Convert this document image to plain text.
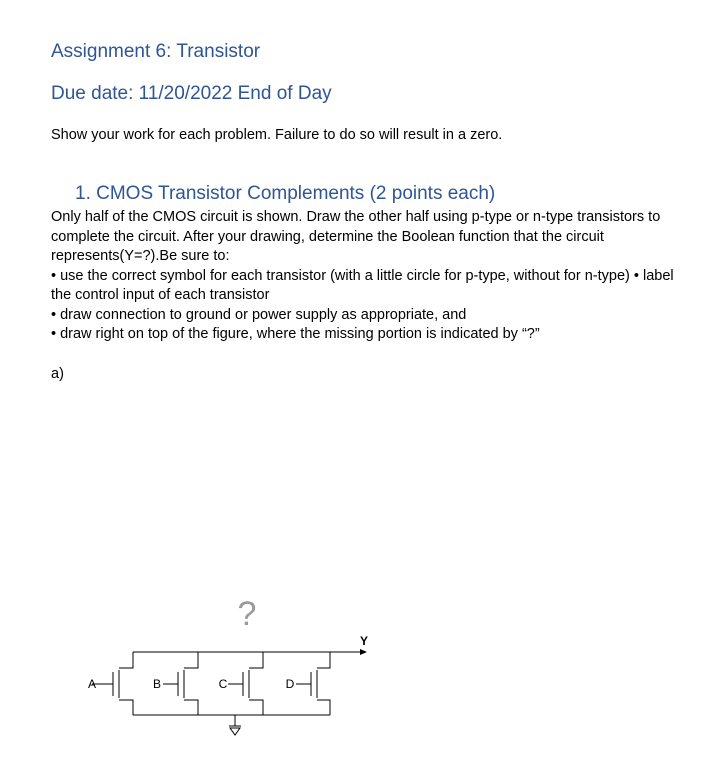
Assignment 6: Transistor
Due date: 11/20/2022 End of Day
Show your work for each problem. Failure to do so will result in a zero.
1. CMOS Transistor Complements (2 points each)

Only half of the CMOS circuit is shown. Draw the other half using p-type or n-type transistors to complete the circuit. After your drawing, determine the Boolean function that the circuit represents(Y=?).Be sure to:

• use the correct symbol for each transistor (with a little circle for p-type, without for n-type) • label the control input of each transistor

• draw connection to ground or power supply as appropriate, and

• draw right on top of the figure, where the missing portion is indicated by “?”

a)
?
Y
A	B	C	D
